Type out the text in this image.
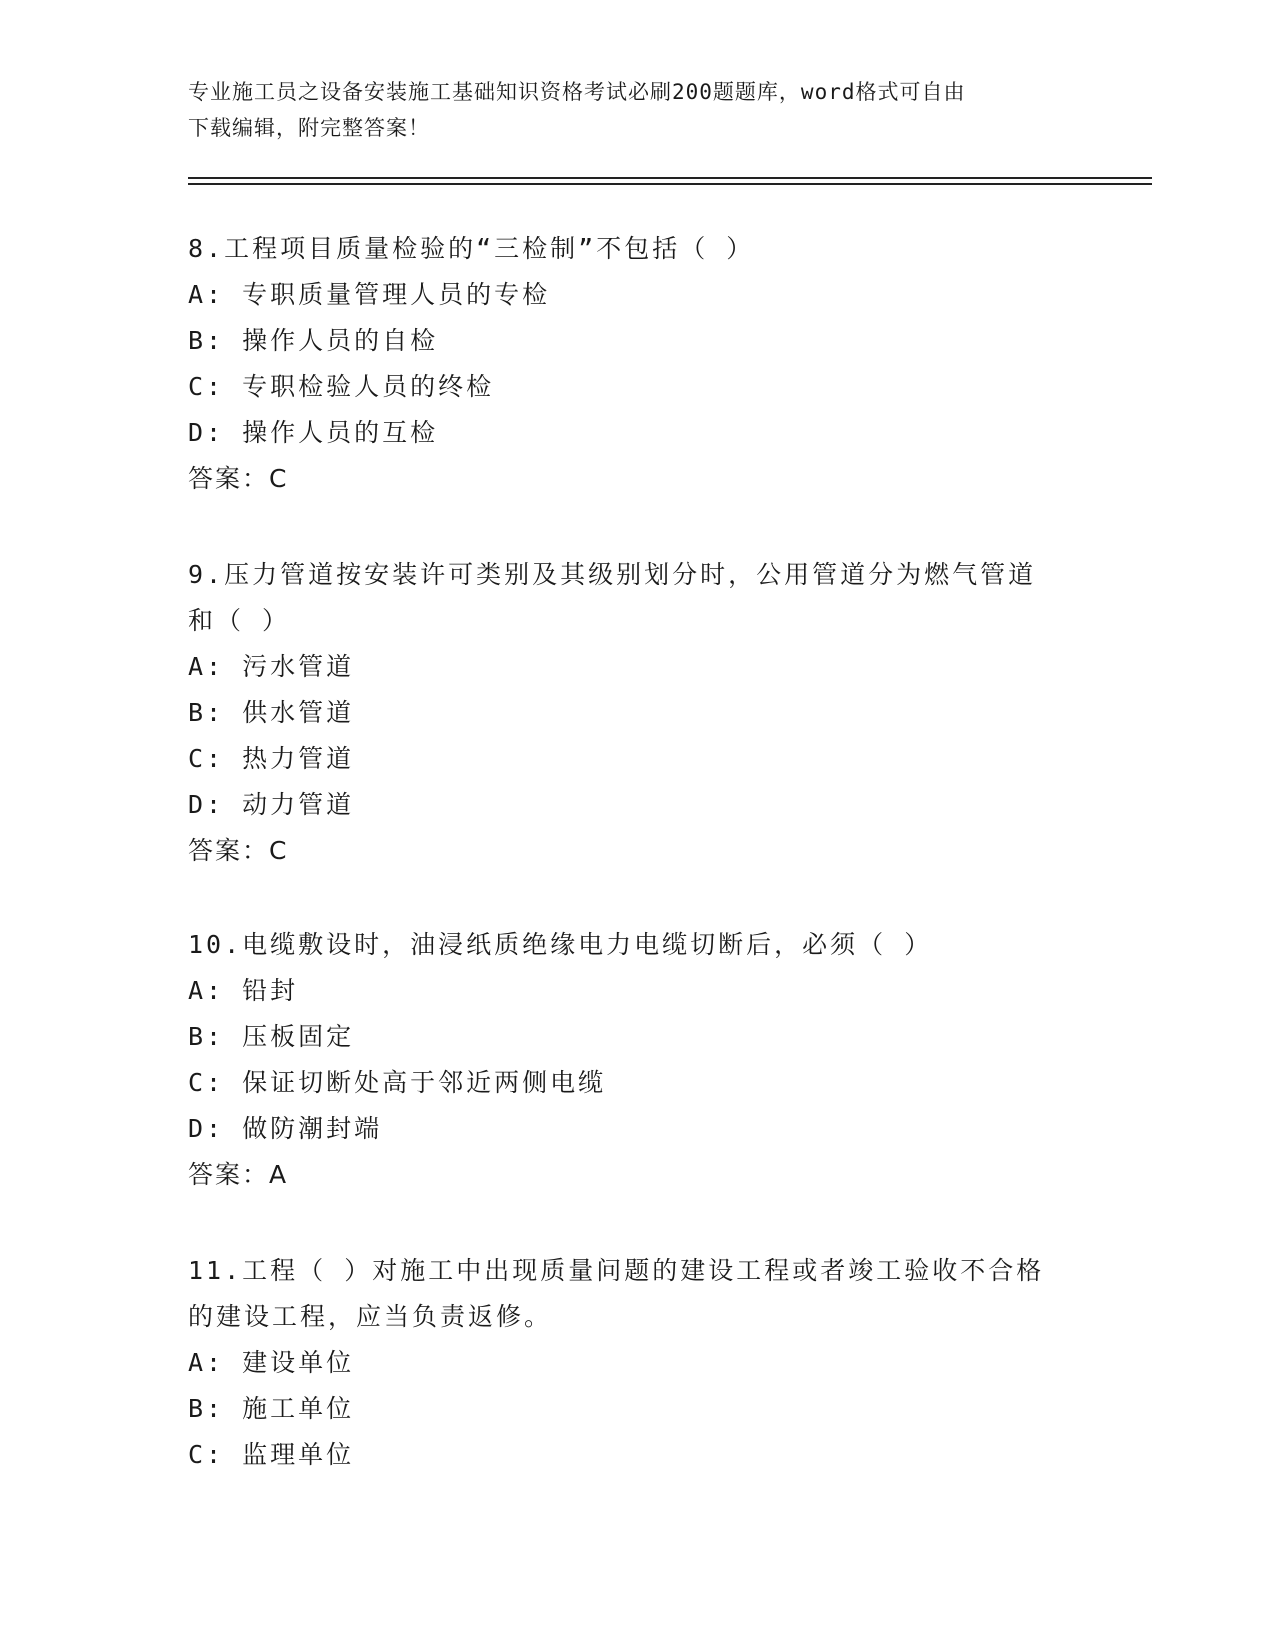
专业施工员之设备安装施工基础知识资格考试必刷200题题库，word格式可自由
下载编辑，附完整答案！
8.工程项目质量检验的“三检制”不包括（ ）
A: 专职质量管理人员的专检
B: 操作人员的自检
C: 专职检验人员的终检
D: 操作人员的互检
答案：C
9.压力管道按安装许可类别及其级别划分时，公用管道分为燃气管道
和（ ）
A: 污水管道
B: 供水管道
C: 热力管道
D: 动力管道
答案：C
10.电缆敷设时，油浸纸质绝缘电力电缆切断后，必须（ ）
A: 铅封
B: 压板固定
C: 保证切断处高于邻近两侧电缆
D: 做防潮封端
答案：A
11.工程（ ）对施工中出现质量问题的建设工程或者竣工验收不合格
的建设工程，应当负责返修。
A: 建设单位
B: 施工单位
C: 监理单位
